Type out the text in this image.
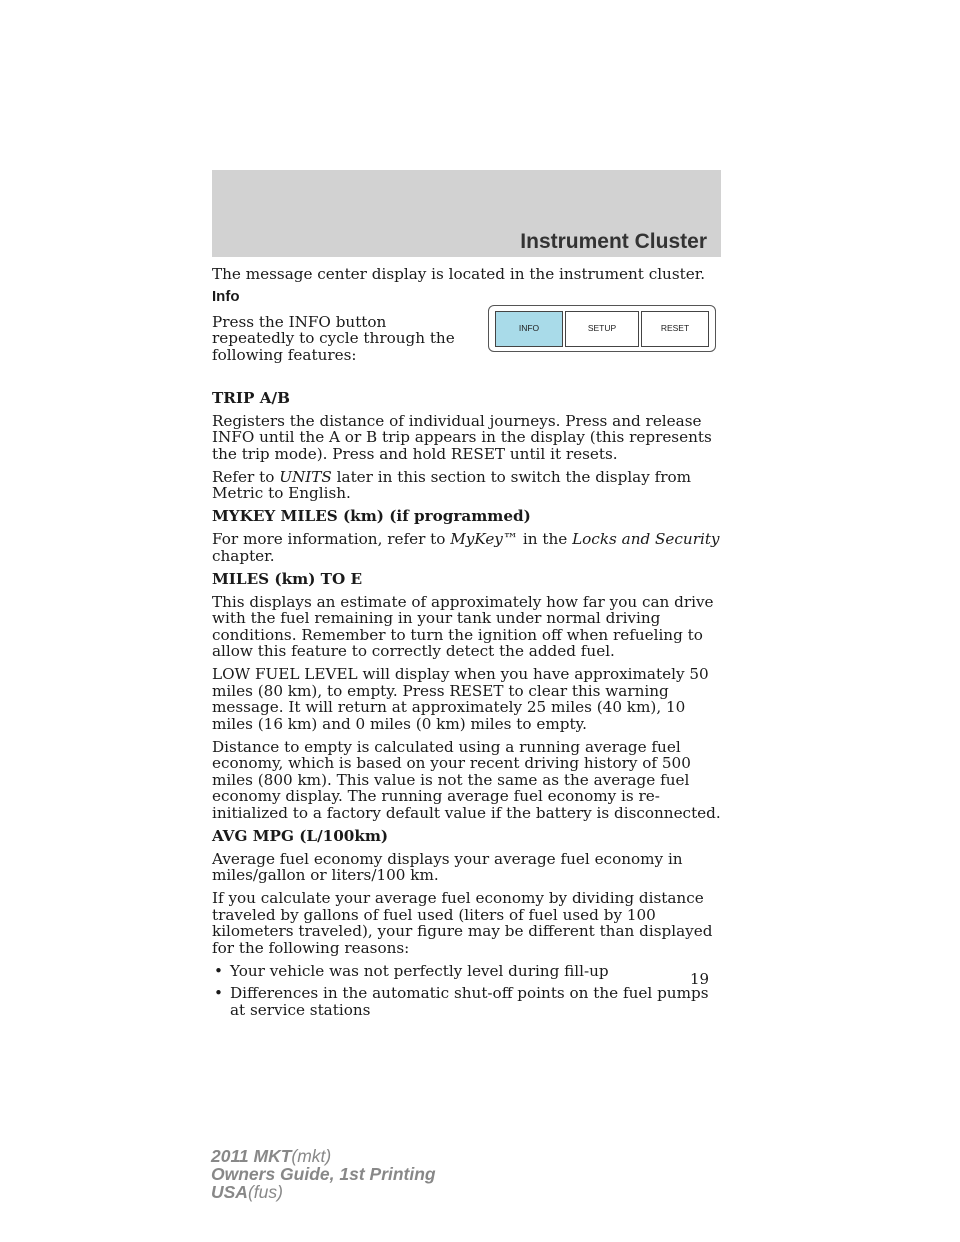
Instrument Cluster

The message center display is located in the instrument cluster.

Info

Press the INFO button repeatedly to cycle through the following features:

INFO	SETUP	RESET

TRIP A/B

Registers the distance of individual journeys. Press and release INFO until the A or B trip appears in the display (this represents the trip mode). Press and hold RESET until it resets.

Refer to UNITS later in this section to switch the display from Metric to English.

MYKEY MILES (km) (if programmed)

For more information, refer to MyKey™ in the Locks and Security chapter.

MILES (km) TO E

This displays an estimate of approximately how far you can drive with the fuel remaining in your tank under normal driving conditions. Remember to turn the ignition off when refueling to allow this feature to correctly detect the added fuel.

LOW FUEL LEVEL will display when you have approximately 50 miles (80 km), to empty. Press RESET to clear this warning message. It will return at approximately 25 miles (40 km), 10 miles (16 km) and 0 miles (0 km) miles to empty.

Distance to empty is calculated using a running average fuel economy, which is based on your recent driving history of 500 miles (800 km). This value is not the same as the average fuel economy display. The running average fuel economy is re-initialized to a factory default value if the battery is disconnected.

AVG MPG (L/100km)

Average fuel economy displays your average fuel economy in miles/gallon or liters/100 km.

If you calculate your average fuel economy by dividing distance traveled by gallons of fuel used (liters of fuel used by 100 kilometers traveled), your figure may be different than displayed for the following reasons:

• Your vehicle was not perfectly level during fill-up
• Differences in the automatic shut-off points on the fuel pumps at service stations
19
2011 MKT(mkt)
Owners Guide, 1st Printing
USA(fus)
